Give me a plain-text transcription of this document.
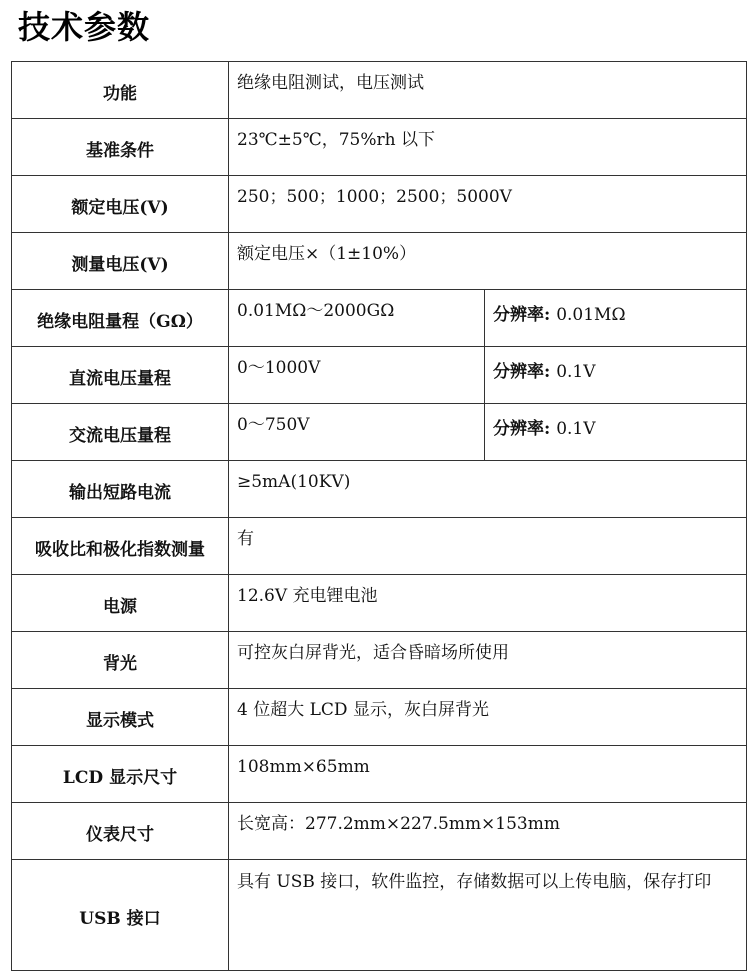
技术参数
功能	绝缘电阻测试，电压测试	
基准条件	23℃±5℃，75%rh 以下	
额定电压(V)	250；500；1000；2500；5000V	
测量电压(V)	额定电压×（1±10%）	
绝缘电阻量程（GΩ）	0.01MΩ～2000GΩ	分辨率: 0.01MΩ
直流电压量程	0～1000V	分辨率: 0.1V
交流电压量程	0～750V	分辨率: 0.1V
输出短路电流	≥5mA(10KV)	
吸收比和极化指数测量	有	
电源	12.6V 充电锂电池	
背光	可控灰白屏背光，适合昏暗场所使用	
显示模式	4 位超大 LCD 显示，灰白屏背光	
LCD 显示尺寸	108mm×65mm	
仪表尺寸	长宽高：277.2mm×227.5mm×153mm	
USB 接口	具有 USB 接口，软件监控，存储数据可以上传电脑，保存打印	
